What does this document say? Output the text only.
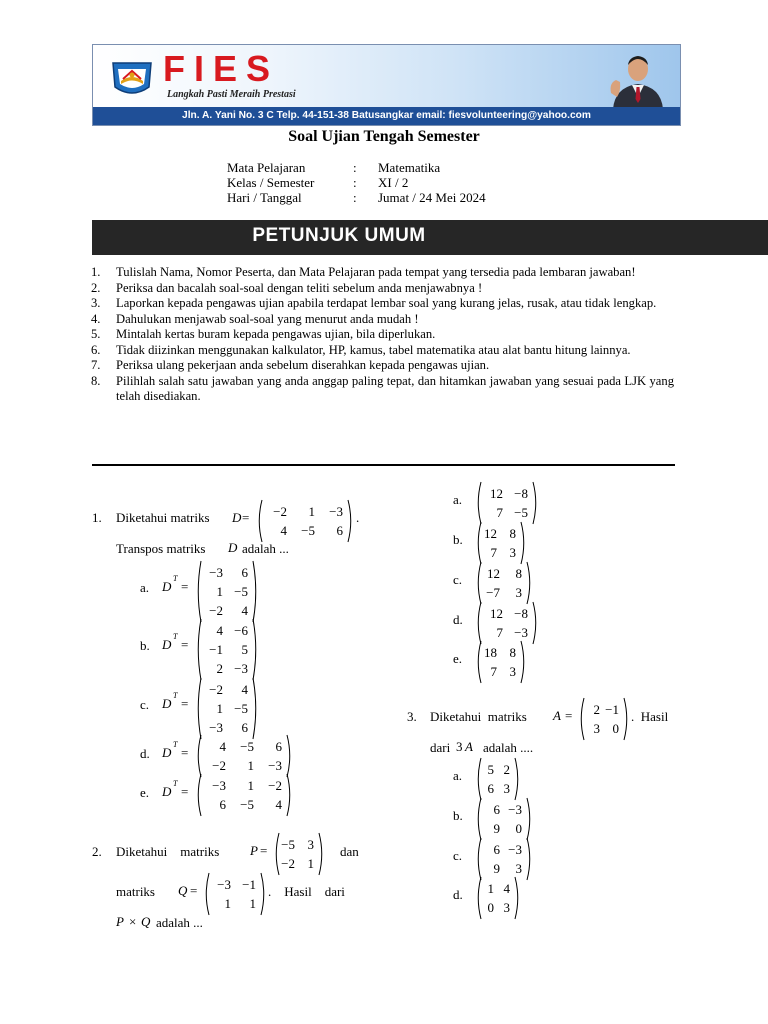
FIES
Langkah Pasti Meraih Prestasi
Jln. A. Yani No. 3 C Telp. 44-151-38 Batusangkar email: fiesvolunteering@yahoo.com
Soal Ujian Tengah Semester
Mata Pelajaran	: Matematika
Kelas / Semester	: XI / 2
Hari / Tanggal	: Jumat / 24 Mei 2024
PETUNJUK UMUM
1. Tulislah Nama, Nomor Peserta, dan Mata Pelajaran pada tempat yang tersedia pada lembaran jawaban!
2. Periksa dan bacalah soal-soal dengan teliti sebelum anda menjawabnya !
3. Laporkan kepada pengawas ujian apabila terdapat lembar soal yang kurang jelas, rusak, atau tidak lengkap.
4. Dahulukan menjawab soal-soal yang menurut anda mudah !
5. Mintalah kertas buram kepada pengawas ujian, bila diperlukan.
6. Tidak diizinkan menggunakan kalkulator, HP, kamus, tabel matematika atau alat bantu hitung lainnya.
7. Periksa ulang pekerjaan anda sebelum diserahkan kepada pengawas ujian.
8. Pilihlah salah satu jawaban yang anda anggap paling tepat, dan hitamkan jawaban yang sesuai pada LJK yang telah disediakan.
1. Diketahui matriks D = −2 1 −3
4 −5 6
.
Transpos matriks D adalah ...
a. D
T
=
−3 6
1 −5
−2 4
b. D
T
=
4 −6
−1 5
2 −3
c. D
T
=
−2 4
1 −5
−3 6
d. D
T
= 4 −5 6
−2 1 −3
e. D
T
= −3 1 −2
6 −5 4
2. Diketahui    matriks P = −5 3
−2 1
dan
matriks Q = −3 −1
1 1
.    Hasil    dari
P × Q adalah ...
a. 12 −8
7 −5
b. 12 8
7 3
c. 12 8
−7 3
d. 12 −8
7 −3
e. 18 8
7 3
3. Diketahui  matriks A = 2 −1
3 0
.  Hasil
dari 3 A adalah ....
a. 5 2
6 3
b. 6 −3
9 0
c. 6 −3
9 3
d. 1 4
0 3
